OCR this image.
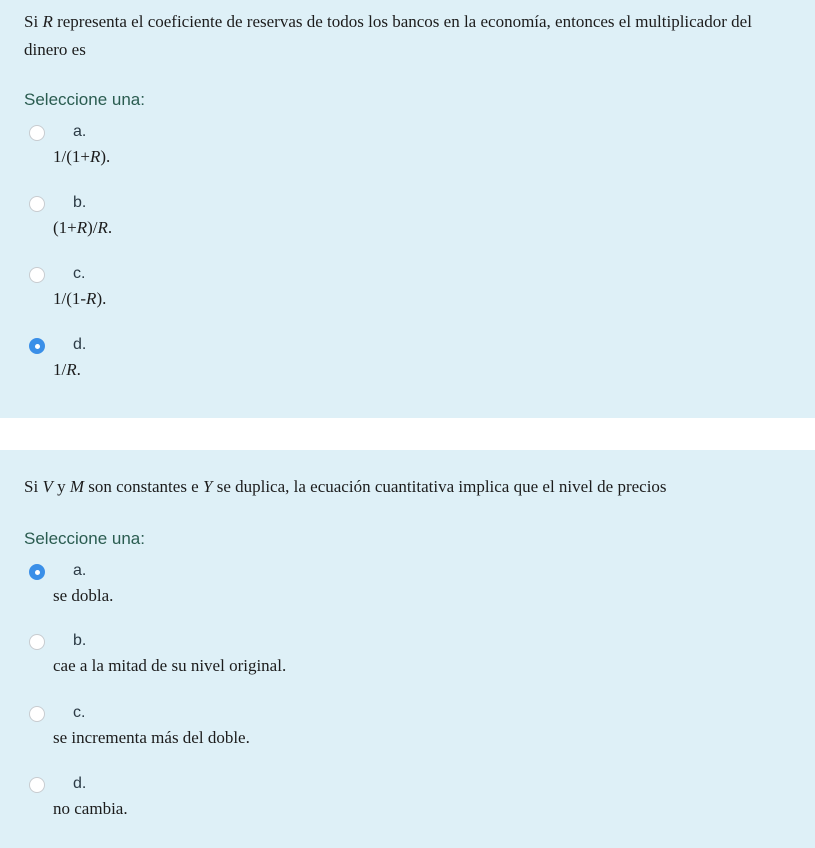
Si R representa el coeficiente de reservas de todos los bancos en la economía, entonces el multiplicador del dinero es
Seleccione una:
a.
1/(1+R).
b.
(1+R)/R.
c.
1/(1-R).
d.
1/R.
Si V y M son constantes e Y se duplica, la ecuación cuantitativa implica que el nivel de precios
Seleccione una:
a.
se dobla.
b.
cae a la mitad de su nivel original.
c.
se incrementa más del doble.
d.
no cambia.
